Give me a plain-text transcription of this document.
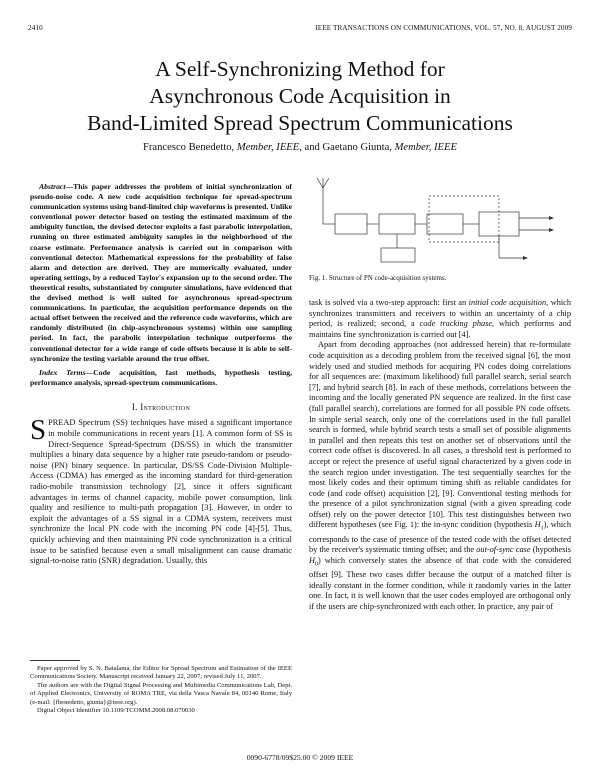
2410	IEEE TRANSACTIONS ON COMMUNICATIONS, VOL. 57, NO. 8, AUGUST 2009
A Self-Synchronizing Method for
Asynchronous Code Acquisition in
Band-Limited Spread Spectrum Communications
Francesco Benedetto, Member, IEEE, and Gaetano Giunta, Member, IEEE

Abstract—This paper addresses the problem of initial synchronization of pseudo-noise code. A new code acquisition technique for spread-spectrum communication systems using band-limited chip waveforms is presented. Unlike conventional power detector based on testing the estimated maximum of the ambiguity function, the devised detector exploits a fast parabolic interpolation, running on three estimated ambiguity samples in the neighborhood of the coarse estimate. Performance analysis is carried out in comparison with conventional detector. Mathematical expressions for the probability of false alarm and detection are derived. They are numerically evaluated, under operating settings, by a reduced Taylor's expansion up to the second order. The theoretical results, substantiated by computer simulations, have evidenced that the devised method is well suited for asynchronous spread-spectrum communications. In particular, the acquisition performance depends on the actual offset between the received and the reference code waveforms, which are randomly distributed (in chip-asynchronous systems) within one sampling period. In fact, the parabolic interpolation technique outperforms the conventional detector for a wide range of code offsets because it is able to self-synchronize the testing variable around the true offset.

Index Terms—Code acquisition, fast methods, hypothesis testing, performance analysis, spread-spectrum communications.

I. Introduction

SPREAD Spectrum (SS) techniques have mised a significant importance in mobile communications in recent years [1]. A common form of SS is Direct-Sequence Spread-Spectrum (DS/SS) in which the transmitter multiplies a binary data sequence by a higher rate pseudo-random or pseudo-noise (PN) binary sequence. In particular, DS/SS Code-Division Multiple-Access (CDMA) has emerged as the incoming standard for third-generation radio-mobile transmission technology [2], since it offers significant advantages in terms of channel capacity, mobile power consumption, link quality and resilience to multi-path propagation [3]. However, in order to exploit the advantages of a SS signal in a CDMA system, receivers must synchronize the local PN code with the incoming PN code [4]-[5]. Thus, quickly achieving and then maintaining PN code synchronization is a critical issue to be satisfied because even a small misalignment can cause dramatic signal-to-noise ratio (SNR) degradation. Usually, this

Paper approved by S. N. Batalama, the Editor for Spread Spectrum and Estimation of the IEEE Communications Society. Manuscript received January 22, 2007; revised July 11, 2007.

The authors are with the Digital Signal Processing and Multimedia Communications Lab, Dept. of Applied Electronics, University of ROMA TRE, via della Vasca Navale 84, 00146 Rome, Italy (e-mail: {fbenedetto, giunta}@ieee.org).

Digital Object Identifier 10.1109/TCOMM.2008.08.070030

Fig. 1. Structure of PN code-acquisition systems.

task is solved via a two-step approach: first an initial code acquisition, which synchronizes transmitters and receivers to within an uncertainty of a chip period, is realized; second, a code tracking phase, which performs and maintains fine synchronization is carried out [4].

Apart from decoding approaches (not addressed herein) that re-formulate code acquisition as a decoding problem from the received signal [6], the most widely used and studied methods for acquiring PN codes doing correlations for all sequences are: (maximum likelihood) full parallel search, serial search [7], and hybrid search [8]. In each of these methods, correlations between the incoming and the locally generated PN sequence are realized. In the first case (full parallel search), correlations are formed for all possible PN code offsets. In simple serial search, only one of the correlations used in the full parallel search is formed, while hybrid search tests a small set of possible alignments in parallel and then repeats this test on another set of observations until the correct code offset is discovered. In all cases, a threshold test is performed to accept or reject the presence of useful signal characterized by a given code in the search region under investigation. The test sequentially searches for the most likely codes and their optimum timing shift as reliable candidates for code (and code offset) acquisition [2], [9]. Conventional testing methods for the presence of a pilot synchronization signal (with a given spreading code offset) rely on the power detector [10]. This test distinguishes between two different hypotheses (see Fig. 1): the in-sync condition (hypothesis $H_1$), which corresponds to the case of presence of the tested code with the offset detected by the receiver's systematic timing offset; and the out-of-sync case (hypothesis $H_0$) which conversely states the absence of that code with the considered offset [9]. These two cases differ because the output of a matched filter is ideally constant in the former condition, while it randomly varies in the latter one. In fact, it is well known that the user codes employed are orthogonal only if the users are chip-synchronized with each other. In practice, any pair of

0090-6778/09$25.00 © 2009 IEEE
